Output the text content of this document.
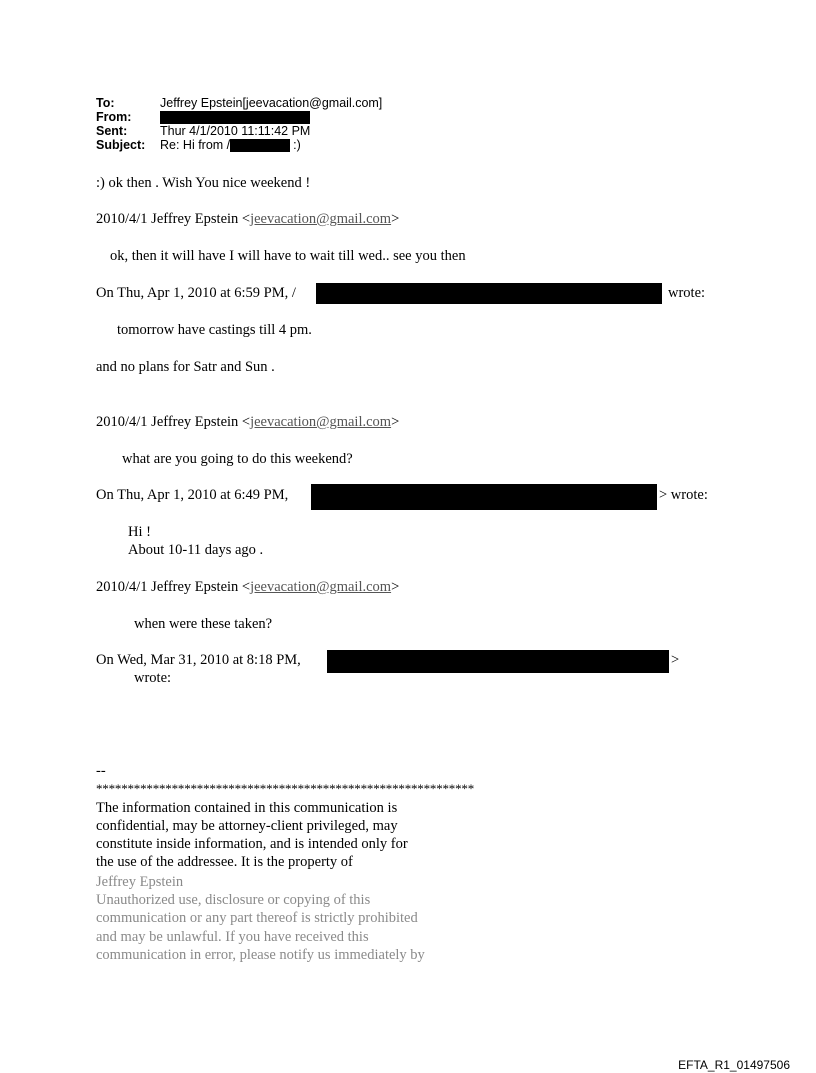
To:	Jeffrey Epstein[jeevacation@gmail.com]
From:
Sent:	Thur 4/1/2010 11:11:42 PM
Subject:	Re: Hi from /	:)
:) ok then . Wish You nice weekend !
2010/4/1 Jeffrey Epstein <jeevacation@gmail.com>
ok, then it will have I will have to wait till wed.. see you then
On Thu, Apr 1, 2010 at 6:59 PM, /	wrote:
tomorrow have castings till 4 pm.
and no plans for Satr and Sun .
2010/4/1 Jeffrey Epstein <jeevacation@gmail.com>
what are you going to do this weekend?
On Thu, Apr 1, 2010 at 6:49 PM,	> wrote:
Hi !
About 10-11 days ago .
2010/4/1 Jeffrey Epstein <jeevacation@gmail.com>
when were these taken?
On Wed, Mar 31, 2010 at 8:18 PM,	>
wrote:
--
************************************************************
The information contained in this communication is
confidential, may be attorney-client privileged, may
constitute inside information, and is intended only for
the use of the addressee. It is the property of
Jeffrey Epstein
Unauthorized use, disclosure or copying of this
communication or any part thereof is strictly prohibited
and may be unlawful. If you have received this
communication in error, please notify us immediately by
EFTA_R1_01497506
